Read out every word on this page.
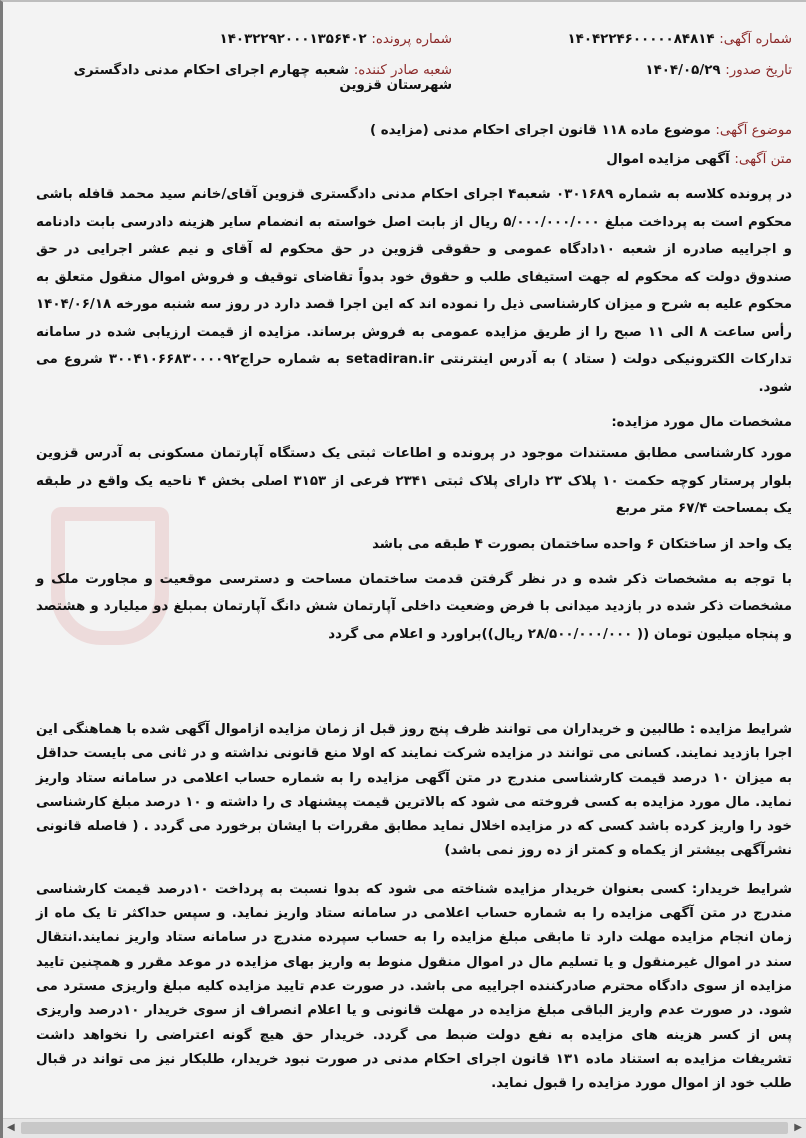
شماره آگهی: ۱۴۰۴۲۲۴۶۰۰۰۰۰۸۴۸۱۴
شماره پرونده: ۱۴۰۳۲۲۹۲۰۰۰۱۳۵۶۴۰۲
تاریخ صدور: ۱۴۰۴/۰۵/۲۹
شعبه صادر کننده: شعبه چهارم اجرای احکام مدنی دادگستری شهرستان قزوین
موضوع آگهی: موضوع ماده ۱۱۸ قانون اجرای احکام مدنی (مزایده )
متن آگهی: آگهی مزایده اموال
در پرونده کلاسه به شماره ۰۳۰۱۶۸۹ شعبه۴ اجرای احکام مدنی دادگستری قزوین آقای/خانم سید محمد قافله باشی محکوم است به پرداخت مبلغ ۵/۰۰۰/۰۰۰/۰۰۰ ریال از بابت اصل خواسته به انضمام سایر هزینه دادرسی بابت دادنامه و اجراییه صادره از شعبه ۱۰دادگاه عمومی و حقوقی قزوین در حق محکوم له آقای و نیم عشر اجرایی در حق صندوق دولت که محکوم له جهت استیفای طلب و حقوق خود بدواً تقاضای توقیف و فروش اموال منقول متعلق به محکوم علیه به شرح و میزان کارشناسی ذیل را نموده اند که این اجرا قصد دارد در روز سه شنبه مورخه ۱۴۰۴/۰۶/۱۸ رأس ساعت ۸ الی ۱۱ صبح را از طریق مزایده عمومی به فروش برساند. مزایده از قیمت ارزیابی شده در سامانه تدارکات الکترونیکی دولت ( ستاد ) به آدرس اینترنتی setadiran.ir به شماره حراج۳۰۰۴۱۰۶۶۸۳۰۰۰۰۹۲ شروع می شود.
مشخصات مال مورد مزایده:
مورد کارشناسی مطابق مستندات موجود در پرونده و اطاعات ثبتی یک دستگاه آپارتمان مسکونی به آدرس قزوین بلوار پرستار کوچه حکمت ۱۰ پلاک ۲۳ دارای پلاک ثبتی ۲۳۴۱ فرعی از ۳۱۵۳ اصلی بخش ۴ ناحیه یک واقع در طبقه یک بمساحت ۶۷/۴ متر مربع
یک واحد از ساختکان ۶ واحده ساختمان بصورت ۴ طبقه می باشد
با توجه به مشخصات ذکر شده و در نظر گرفتن قدمت ساختمان مساحت و دسترسی موقعیت و مجاورت ملک و مشخصات ذکر شده در بازدید میدانی با فرض وضعیت داخلی آپارتمان شش دانگ آپارتمان بمبلغ دو میلیارد و هشتصد و پنجاه میلیون تومان (( ۲۸/۵۰۰/۰۰۰/۰۰۰ ریال))براورد و اعلام می گردد
شرایط مزایده : طالبین و خریداران می توانند ظرف پنج روز قبل از زمان مزایده ازاموال آگهی شده با هماهنگی این اجرا بازدید نمایند. کسانی می توانند در مزایده شرکت نمایند که اولا منع قانونی نداشته و در ثانی می بایست حداقل به میزان ۱۰ درصد قیمت کارشناسی مندرج در متن آگهی مزایده را به شماره حساب اعلامی در سامانه ستاد واریز نماید. مال مورد مزایده به کسی فروخته می شود که بالاترین قیمت پیشنهاد ی را داشته و ۱۰ درصد مبلغ کارشناسی خود را واریز کرده باشد کسی که در مزایده اخلال نماید مطابق مقررات با ایشان برخورد می گردد . ( فاصله قانونی نشرآگهی بیشتر از یکماه و کمتر از ده روز نمی باشد)
شرایط خریدار: کسی بعنوان خریدار مزایده شناخته می شود که بدوا نسبت به پرداخت ۱۰درصد قیمت کارشناسی مندرج در متن آگهی مزایده را به شماره حساب اعلامی در سامانه ستاد واریز نماید. و سپس حداکثر تا یک ماه از زمان انجام مزایده مهلت دارد تا مابقی مبلغ مزایده را به حساب سپرده مندرج در سامانه ستاد واریز نمایند.انتقال سند در اموال غیرمنقول و یا تسلیم مال در اموال منقول منوط به واریز بهای مزایده در موعد مقرر و همچنین تایید مزایده از سوی دادگاه محترم صادرکننده اجراییه می باشد. در صورت عدم تایید مزایده کلیه مبلغ واریزی مسترد می شود. در صورت عدم واریز الباقی مبلغ مزایده در مهلت قانونی و یا اعلام انصراف از سوی خریدار ۱۰درصد واریزی پس از کسر هزینه های مزایده به نفع دولت ضبط می گردد. خریدار حق هیچ گونه اعتراضی را نخواهد داشت تشریفات مزایده به استناد ماده ۱۳۱ قانون اجرای احکام مدنی در صورت نبود خریدار، طلبکار نیز می تواند در قبال طلب خود از اموال مورد مزایده را قبول نماید.
◀	▶
